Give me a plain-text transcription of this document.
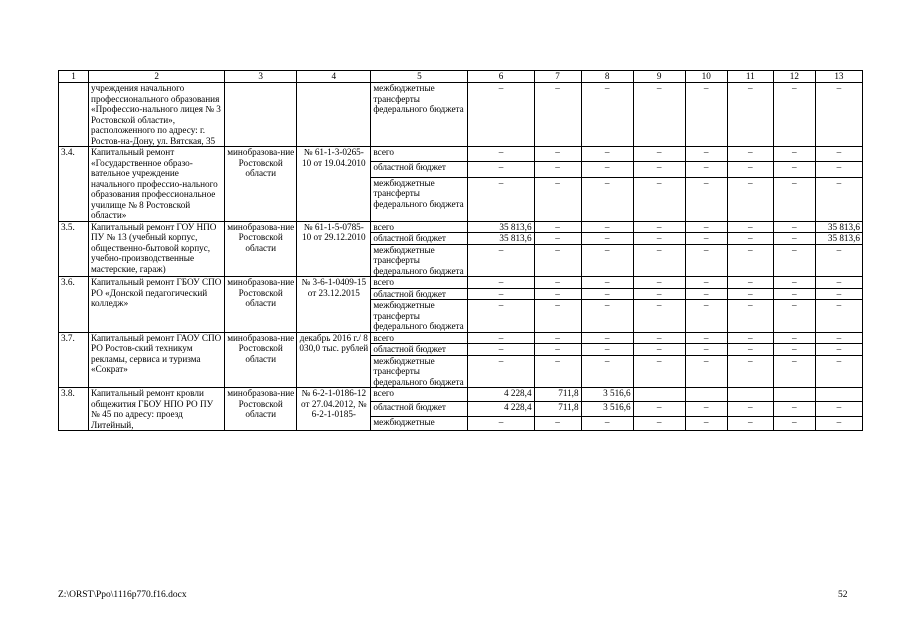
1	2	3	4	5	6	7	8	9	10	11	12	13
	учреждения начального профессионального образования «Профессио-нального лицея № 3 Ростовской области», расположенного по адресу: г. Ростов-на-Дону, ул. Вятская, 35			межбюджетные трансферты федерального бюджета	–	–	–	–	–	–	–	–
3.4.	Капитальный ремонт «Государственное образо-вательное учреждение начального профессио-нального образования профессиональное училище № 8 Ростовской области»	минобразова-ние Ростовской области	№ 61-1-3-0265-10 от 19.04.2010	всего	–	–	–	–	–	–	–	–
				областной бюджет	–	–	–	–	–	–	–	–
				межбюджетные трансферты федерального бюджета	–	–	–	–	–	–	–	–
3.5.	Капитальный ремонт ГОУ НПО ПУ № 13 (учебный корпус, общественно-бытовой корпус, учебно-производственные мастерские, гараж)	минобразова-ние Ростовской области	№ 61-1-5-0785-10 от 29.12.2010	всего	35 813,6	–	–	–	–	–	–	35 813,6
				областной бюджет	35 813,6	–	–	–	–	–	–	35 813,6
				межбюджетные трансферты федерального бюджета	–	–	–	–	–	–	–	–
3.6.	Капитальный ремонт ГБОУ СПО РО «Донской педагогический колледж»	минобразова-ние Ростовской области	№ 3-6-1-0409-15 от 23.12.2015	всего	–	–	–	–	–	–	–	–
				областной бюджет	–	–	–	–	–	–	–	–
				межбюджетные трансферты федерального бюджета	–	–	–	–	–	–	–	–
3.7.	Капитальный ремонт ГАОУ СПО РО Ростов-ский техникум рекламы, сервиса и туризма «Сократ»	минобразова-ние Ростовской области	декабрь 2016 г./ 8 030,0 тыс. рублей	всего	–	–	–	–	–	–	–	–
				областной бюджет	–	–	–	–	–	–	–	–
				межбюджетные трансферты федерального бюджета	–	–	–	–	–	–	–	–
3.8.	Капитальный ремонт кровли общежития ГБОУ НПО РО ПУ № 45 по адресу: проезд Литейный,	минобразова-ние Ростовской области	№ 6-2-1-0186-12 от 27.04.2012, № 6-2-1-0185-	всего	4 228,4	711,8	3 516,6					
				областной бюджет	4 228,4	711,8	3 516,6	–	–	–	–	–
				межбюджетные	–	–	–	–	–	–	–	–
Z:\ORST\Ppo\1116p770.f16.docx	52
